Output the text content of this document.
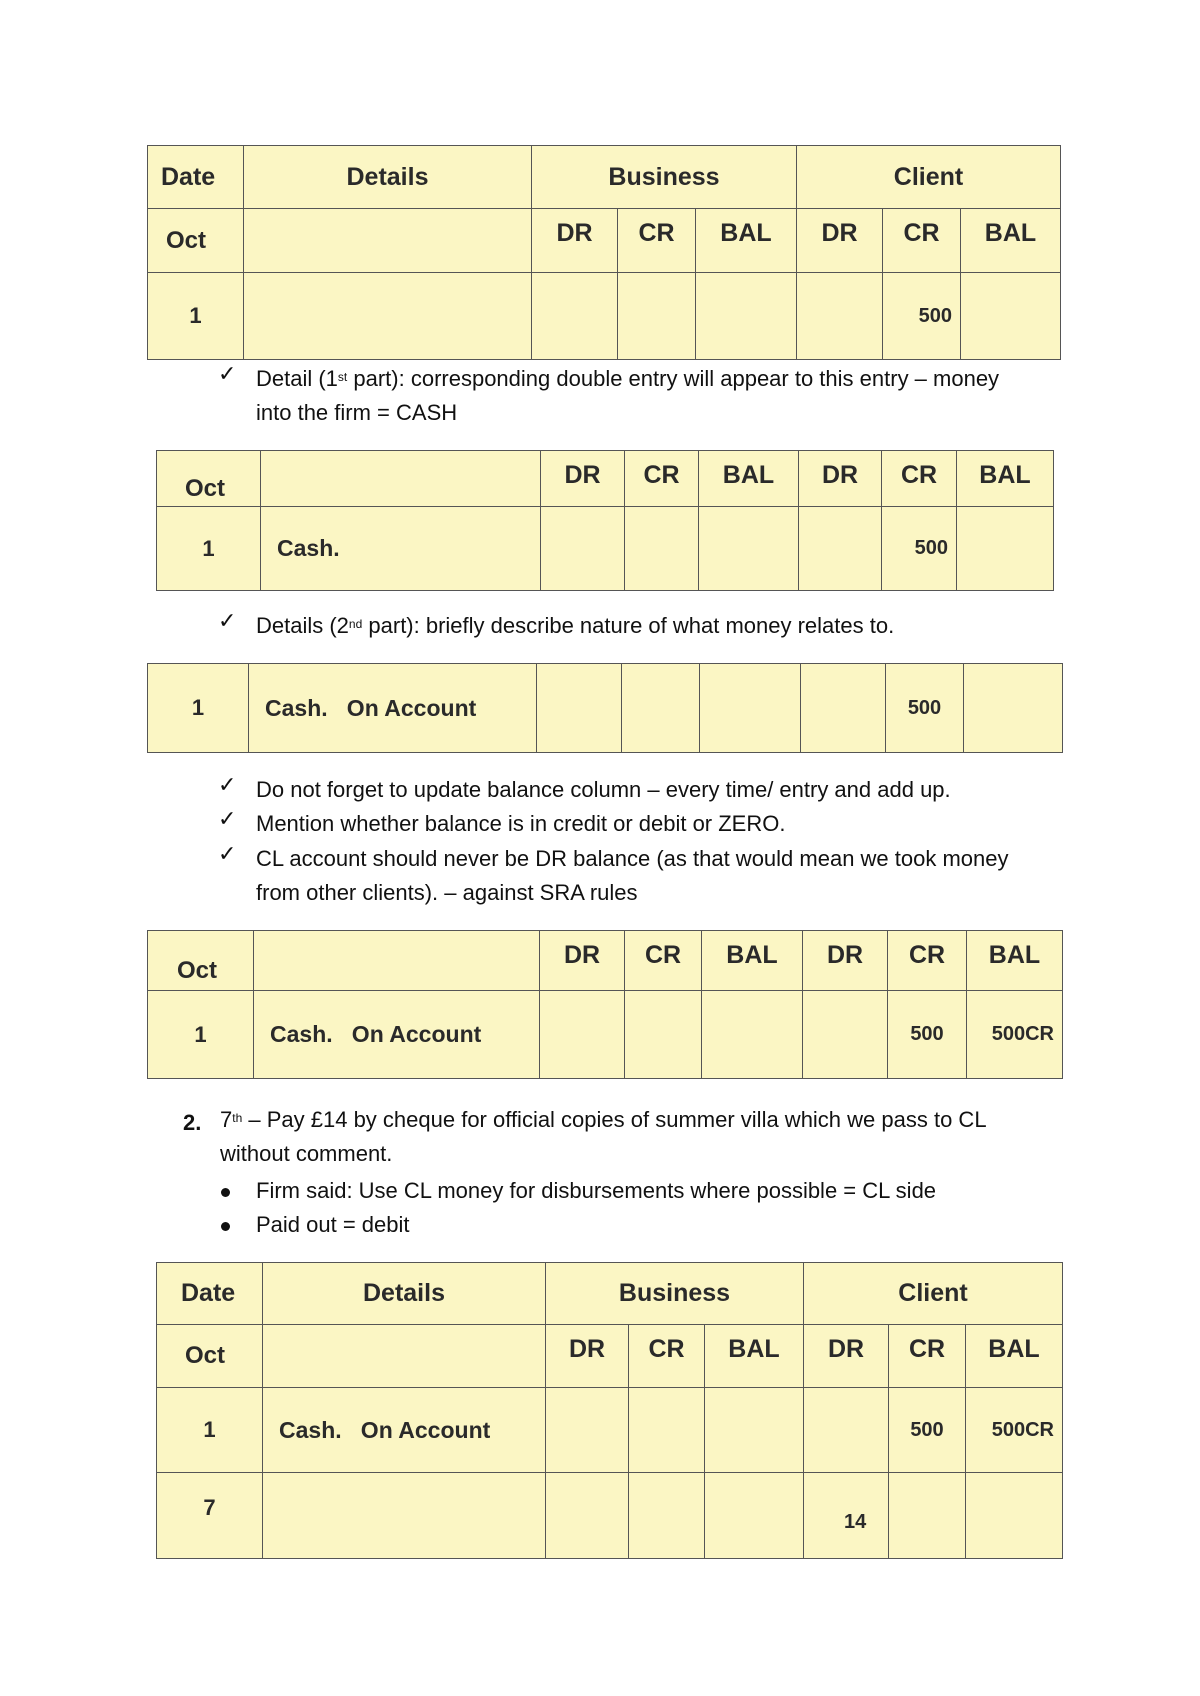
Date	Details	Business			Client		
Oct		DR	CR	BAL	DR	CR	BAL
1						500	
✓ Detail (1st part): corresponding double entry will appear to this entry – money
into the firm = CASH
Oct		DR	CR	BAL	DR	CR	BAL
1	Cash.					500	
✓ Details (2nd part): briefly describe nature of what money relates to.
1	Cash.   On Account					500	
✓ Do not forget to update balance column – every time/ entry and add up.
✓ Mention whether balance is in credit or debit or ZERO.
✓ CL account should never be DR balance (as that would mean we took money
from other clients). – against SRA rules
Oct		DR	CR	BAL	DR	CR	BAL
1	Cash.   On Account					500	500CR
2. 7th – Pay £14 by cheque for official copies of summer villa which we pass to CL
without comment.
Firm said: Use CL money for disbursements where possible = CL side
Paid out = debit
Date	Details	Business			Client		
Oct		DR	CR	BAL	DR	CR	BAL
1	Cash.   On Account					500	500CR
7					14		
